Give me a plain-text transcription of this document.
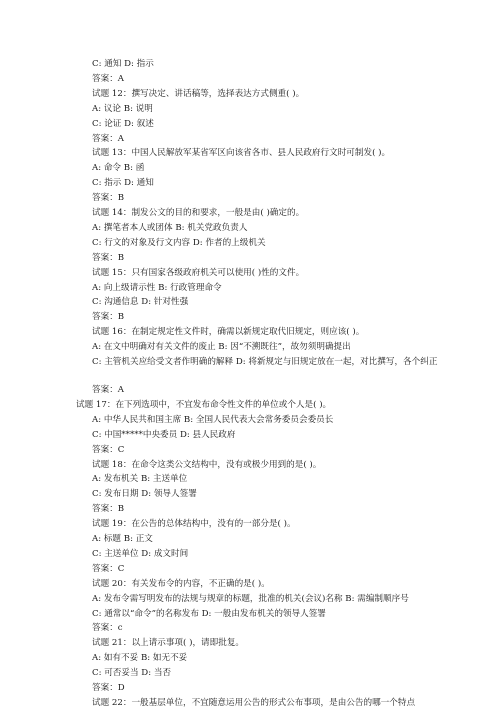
C: 通知 D: 指示
答案：A
试题 12：撰写决定、讲话稿等，选择表达方式侧重( )。
A: 议论 B: 说明
C: 论证 D: 叙述
答案：A
试题 13：中国人民解放军某省军区向该省各市、县人民政府行文时可制发( )。
A: 命令 B: 函
C: 指示 D: 通知
答案：B
试题 14：制发公文的目的和要求，一般是由( )确定的。
A: 撰笔者本人或团体 B: 机关党政负责人
C: 行文的对象及行文内容 D: 作者的上级机关
答案：B
试题 15：只有国家各级政府机关可以使用( )性的文件。
A: 向上级请示性 B: 行政管理命令
C: 沟通信息 D: 针对性强
答案：B
试题 16：在制定规定性文件时，确需以新规定取代旧规定，则应该( )。
A: 在文中明确对有关文件的废止 B: 因“不溯既往”，故勿须明确提出
C: 主管机关应给受文者作明确的解释 D: 将新规定与旧规定放在一起，对比撰写，各个纠正
答案：A
试题 17：在下列选项中，不宜发布命令性文件的单位或个人是( )。
A: 中华人民共和国主席 B: 全国人民代表大会常务委员会委员长
C: 中国*****中央委员 D: 县人民政府
答案：C
试题 18：在命令这类公文结构中，没有或极少用到的是( )。
A: 发布机关 B: 主送单位
C: 发布日期 D: 领导人签署
答案：B
试题 19：在公告的总体结构中，没有的一部分是( )。
A: 标题 B: 正文
C: 主送单位 D: 成文时间
答案：C
试题 20：有关发布令的内容，不正确的是( )。
A: 发布令需写明发布的法规与规章的标题，批准的机关(会议)名称 B: 需编制顺序号
C: 通常以“命令”的名称发布 D: 一般由发布机关的领导人签署
答案：c
试题 21：以上请示事项( )，请即批复。
A: 如有不妥 B: 如无不妥
C: 可否妥当 D: 当否
答案：D
试题 22：一般基层单位，不宜随意运用公告的形式公布事项，是由公告的哪一个特点
